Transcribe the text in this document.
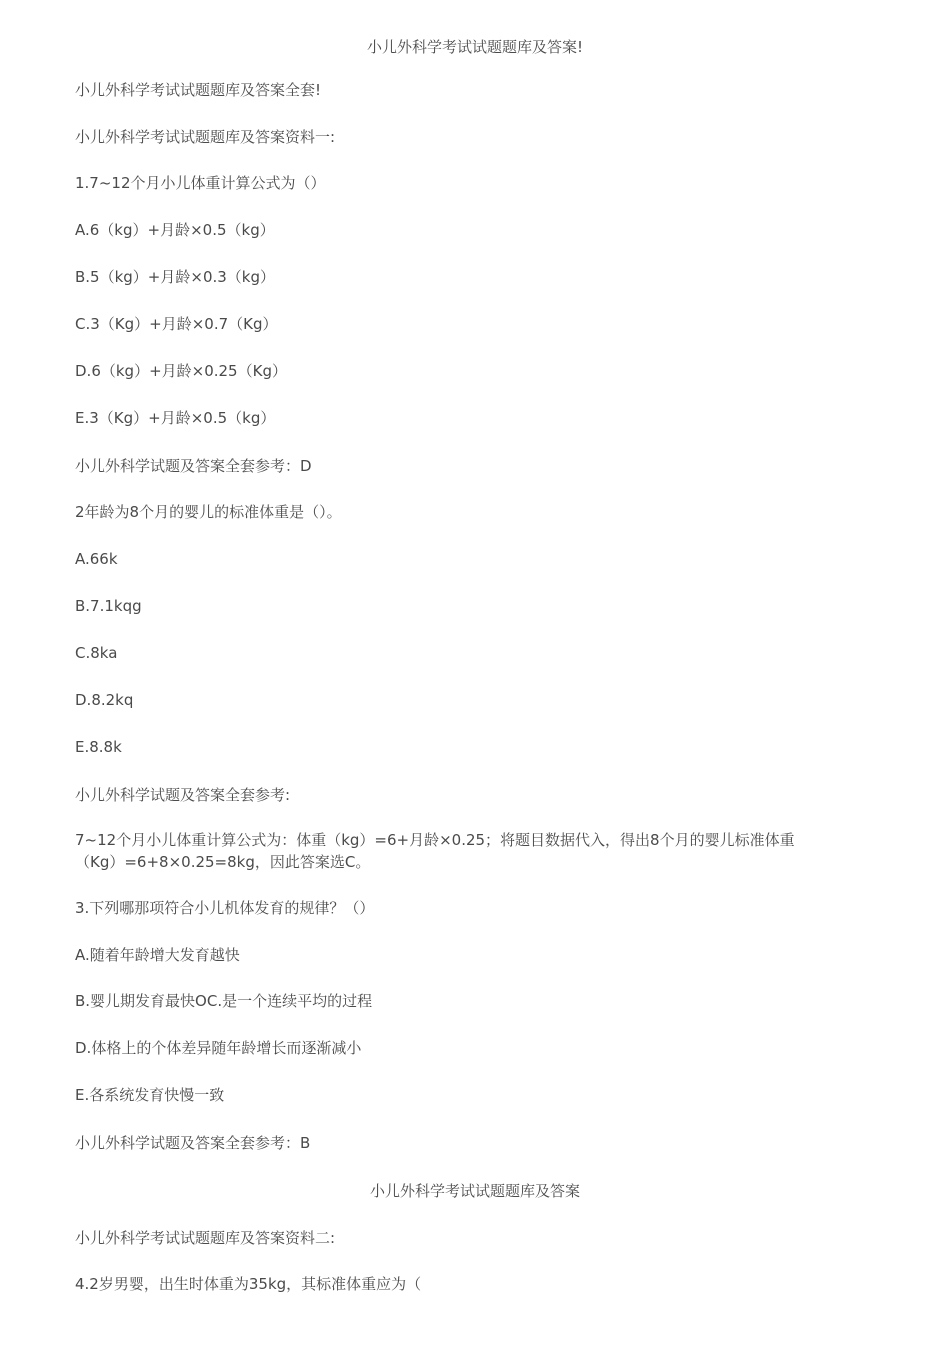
小儿外科学考试试题题库及答案!

小儿外科学考试试题题库及答案全套!

小儿外科学考试试题题库及答案资料一:

1.7~12个月小儿体重计算公式为（）

A.6（kg）+月龄×0.5（kg）

B.5（kg）+月龄×0.3（kg）

C.3（Kg）+月龄×0.7（Kg）

D.6（kg）+月龄×0.25（Kg）

E.3（Kg）+月龄×0.5（kg）

小儿外科学试题及答案全套参考：D

2年龄为8个月的婴儿的标准体重是（）。

A.66k

B.7.1kqg

C.8ka

D.8.2kq

E.8.8k

小儿外科学试题及答案全套参考:

7~12个月小儿体重计算公式为：体重（kg）=6+月龄×0.25；将题目数据代入，得出8个月的婴儿标准体重（Kg）=6+8×0.25=8kg，因此答案选C。

3.下列哪那项符合小儿机体发育的规律？（）

A.随着年龄增大发育越快

B.婴儿期发育最快OC.是一个连续平均的过程

D.体格上的个体差异随年龄增长而逐渐减小

E.各系统发育快慢一致

小儿外科学试题及答案全套参考：B

小儿外科学考试试题题库及答案

小儿外科学考试试题题库及答案资料二:

4.2岁男婴，出生时体重为35kg，其标准体重应为（
